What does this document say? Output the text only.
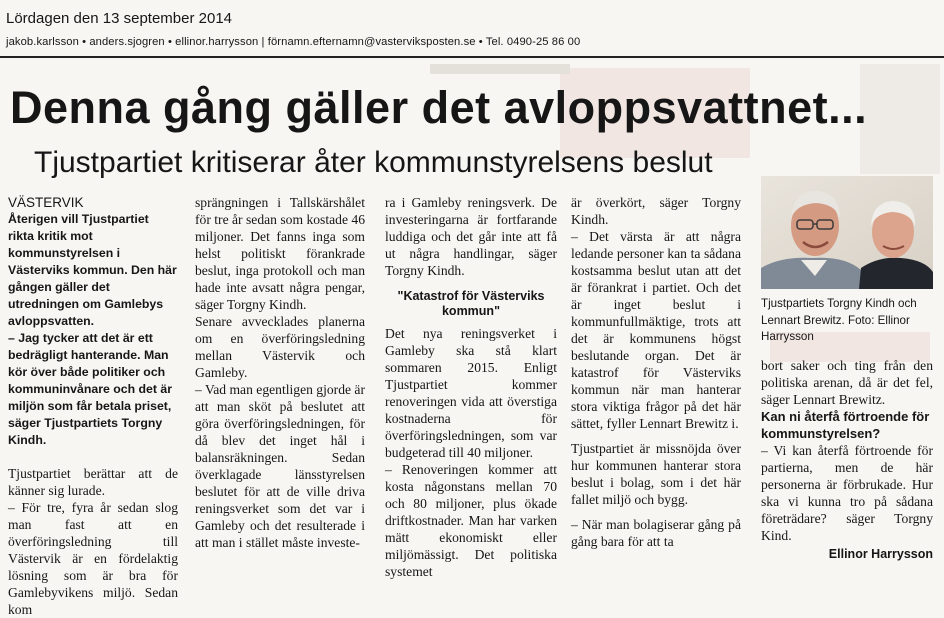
Lördagen den 13 september 2014
jakob.karlsson • anders.sjogren • ellinor.harrysson | förnamn.efternamn@vasterviksposten.se • Tel. 0490-25 86 00
Denna gång gäller det avloppsvattnet...
Tjustpartiet kritiserar åter kommunstyrelsens beslut

VÄSTERVIK

Återigen vill Tjustpartiet rikta kritik mot kommunstyrelsen i Västerviks kommun. Den här gången gäller det utredningen om Gamlebys avloppsvatten.

– Jag tycker att det är ett bedrägligt hanterande. Man kör över både politiker och kommuninvånare och det är miljön som får betala priset, säger Tjustpartiets Torgny Kindh.

Tjustpartiet berättar att de känner sig lurade.

– För tre, fyra år sedan slog man fast att en överföringsledning till Västervik är en fördelaktig lösning som är bra för Gamlebyvikens miljö. Sedan kom

sprängningen i Tallskärshålet för tre år sedan som kostade 46 miljoner. Det fanns inga som helst politiskt förankrade beslut, inga protokoll och man hade inte avsatt några pengar, säger Torgny Kindh.

Senare avvecklades planerna om en överföringsledning mellan Västervik och Gamleby.

– Vad man egentligen gjorde är att man sköt på beslutet att göra överföringsledningen, för då blev det inget hål i balansräkningen. Sedan överklagade länsstyrelsen beslutet för att de ville driva reningsverket som det var i Gamleby och det resulterade i att man i stället måste investe-

ra i Gamleby reningsverk. De investeringarna är fortfarande luddiga och det går inte att få ut några handlingar, säger Torgny Kindh.

"Katastrof för Västerviks kommun"

Det nya reningsverket i Gamleby ska stå klart sommaren 2015. Enligt Tjustpartiet kommer renoveringen vida att överstiga kostnaderna för överföringsledningen, som var budgeterad till 40 miljoner.

– Renoveringen kommer att kosta någonstans mellan 70 och 80 miljoner, plus ökade driftkostnader. Man har varken mätt ekonomiskt eller miljömässigt. Det politiska systemet

är överkört, säger Torgny Kindh.

– Det värsta är att några ledande personer kan ta sådana kostsamma beslut utan att det är förankrat i partiet. Och det är inget beslut i kommunfullmäktige, trots att det är kommunens högst beslutande organ. Det är katastrof för Västerviks kommun när man hanterar stora viktiga frågor på det här sättet, fyller Lennart Brewitz i.

Tjustpartiet är missnöjda över hur kommunen hanterar stora beslut i bolag, som i det här fallet miljö och bygg.

– När man bolagiserar gång på gång bara för att ta

Tjustpartiets Torgny Kindh och Lennart Brewitz. Foto: Ellinor Harrysson

bort saker och ting från den politiska arenan, då är det fel, säger Lennart Brewitz.

Kan ni återfå förtroende för kommunstyrelsen?

– Vi kan återfå förtroende för partierna, men de här personerna är förbrukade. Hur ska vi kunna tro på sådana företrädare? säger Torgny Kind.

Ellinor Harrysson
